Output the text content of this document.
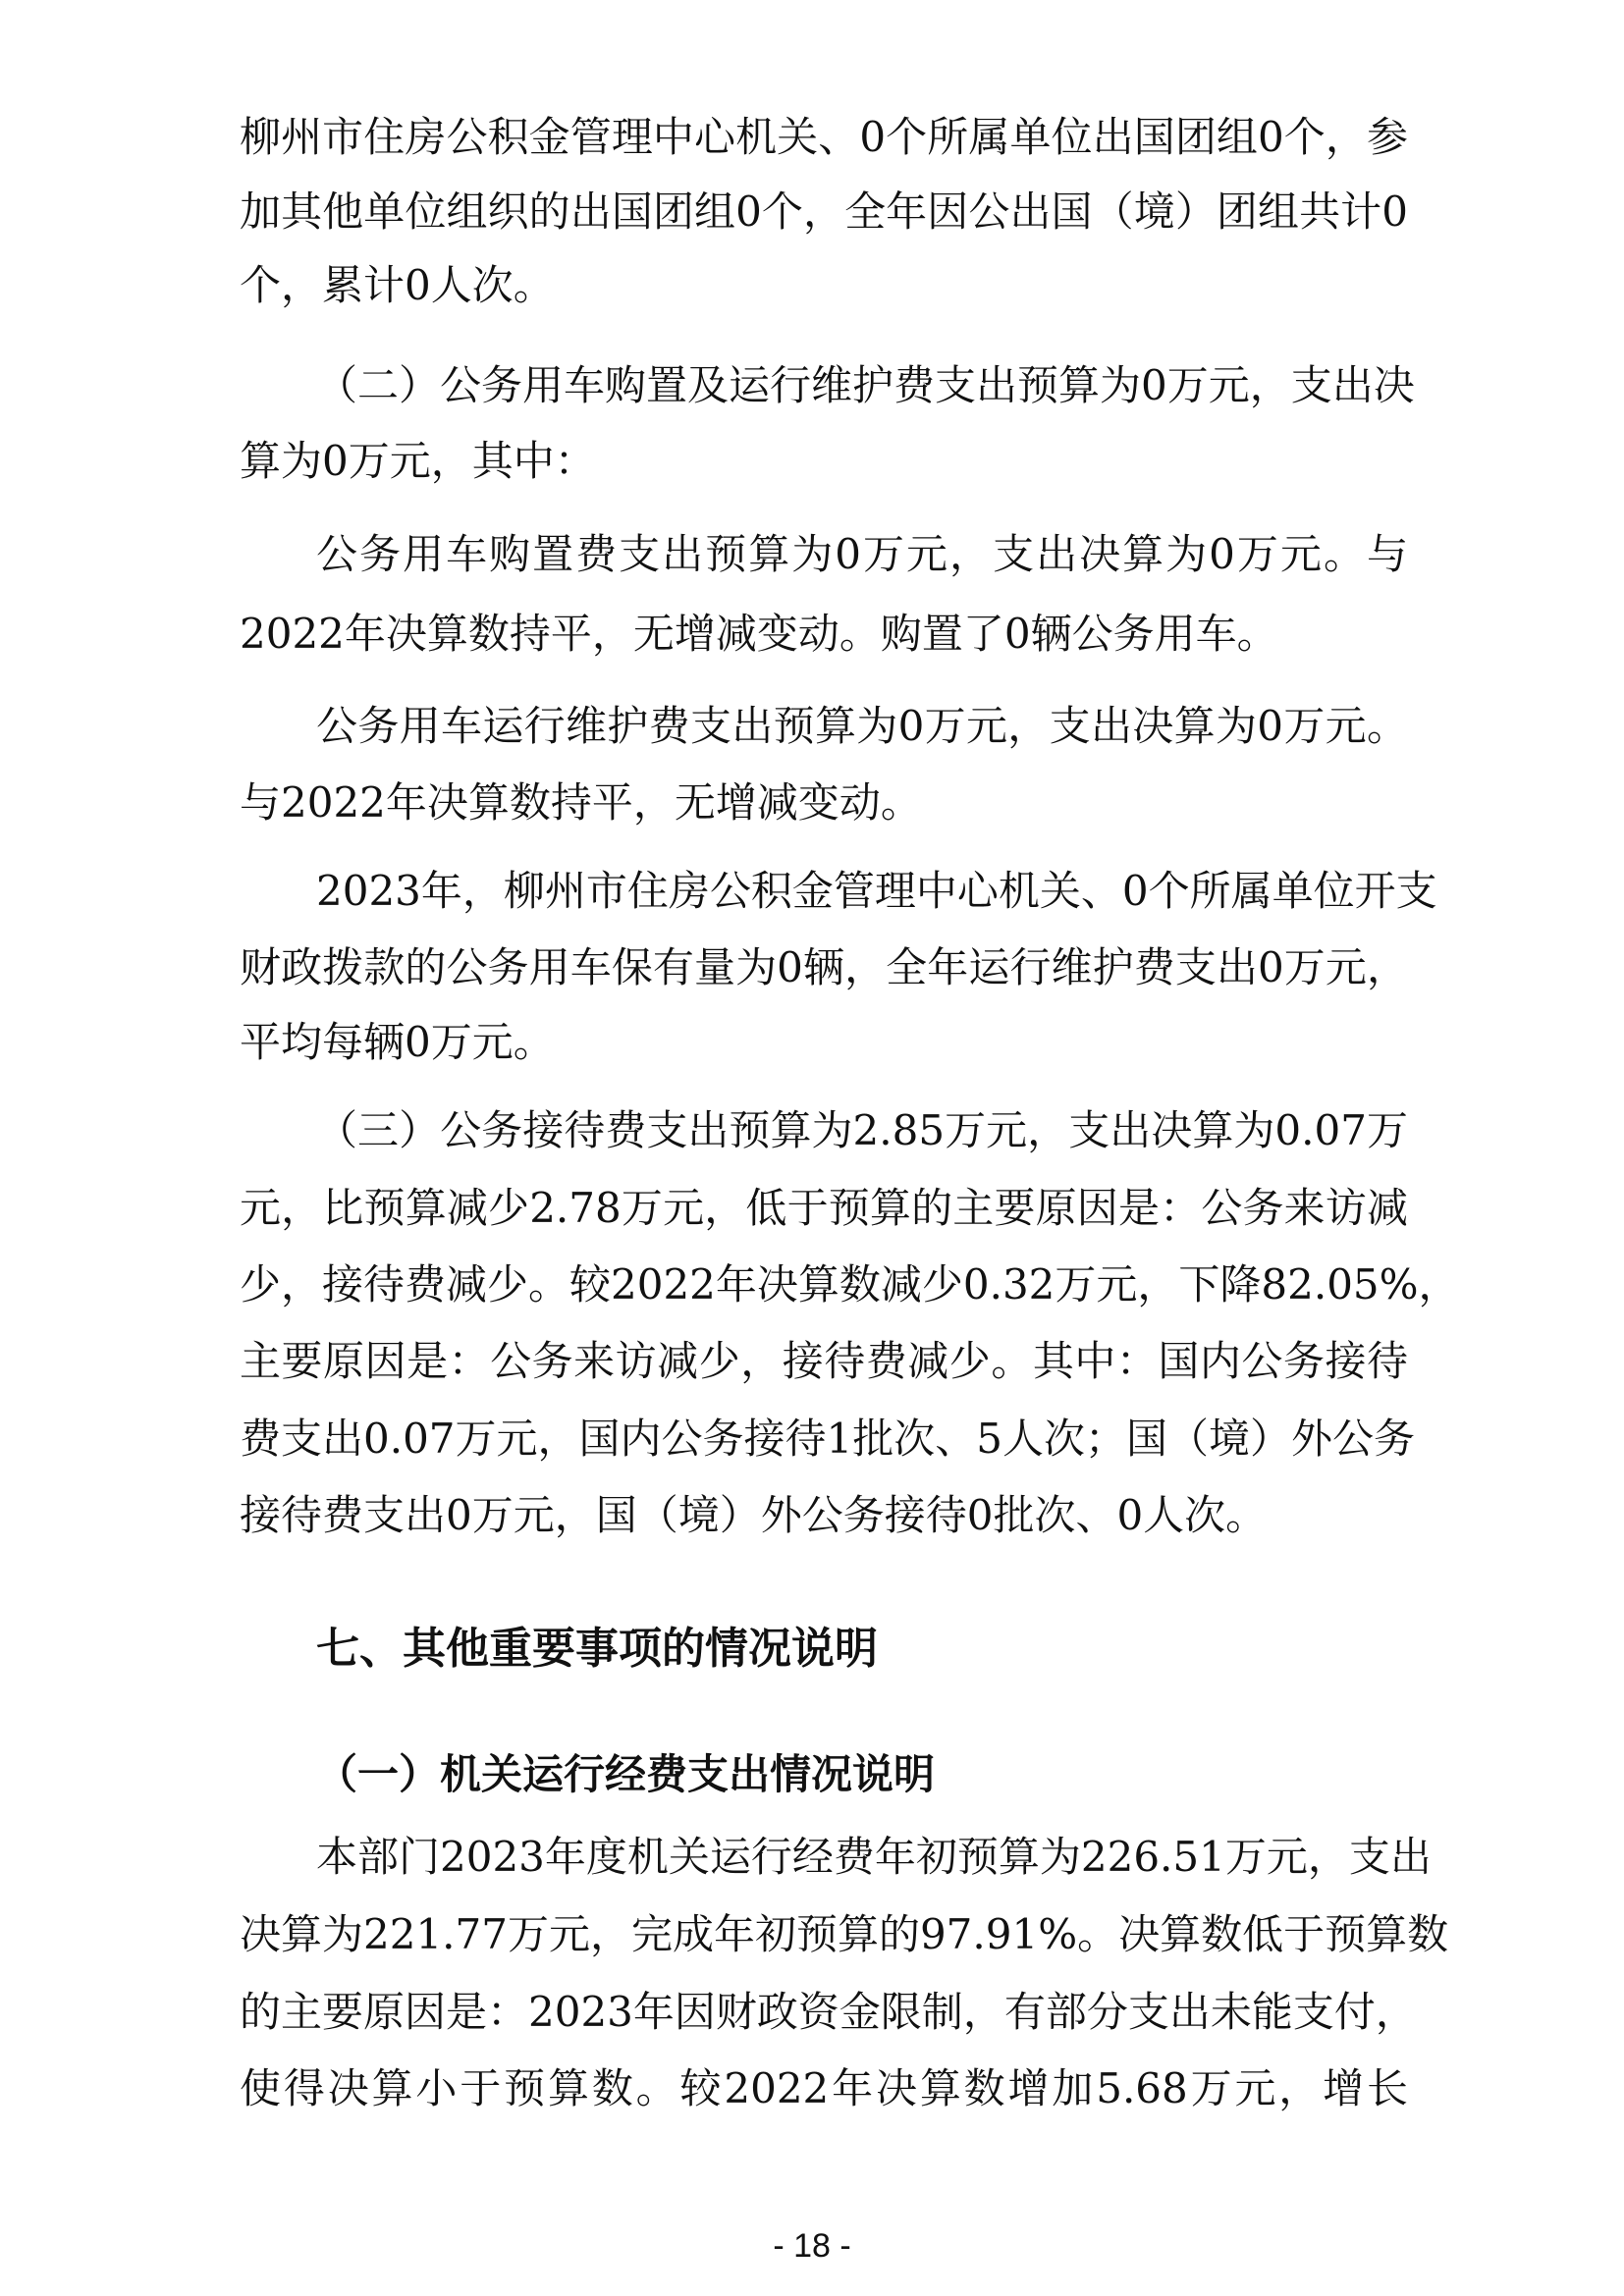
柳州市住房公积金管理中心机关、0个所属单位出国团组0个，参
加其他单位组织的出国团组0个，全年因公出国（境）团组共计0
个，累计0人次。
（二）公务用车购置及运行维护费支出预算为0万元，支出决
算为0万元，其中：
公务用车购置费支出预算为0万元，支出决算为0万元。与
2022年决算数持平，无增减变动。购置了0辆公务用车。
公务用车运行维护费支出预算为0万元，支出决算为0万元。
与2022年决算数持平，无增减变动。
2023年，柳州市住房公积金管理中心机关、0个所属单位开支
财政拨款的公务用车保有量为0辆，全年运行维护费支出0万元，
平均每辆0万元。
（三）公务接待费支出预算为2.85万元，支出决算为0.07万
元，比预算减少2.78万元，低于预算的主要原因是：公务来访减
少，接待费减少。较2022年决算数减少0.32万元，下降82.05%，
主要原因是：公务来访减少，接待费减少。其中：国内公务接待
费支出0.07万元，国内公务接待1批次、5人次；国（境）外公务
接待费支出0万元，国（境）外公务接待0批次、0人次。
七、其他重要事项的情况说明
（一）机关运行经费支出情况说明
本部门2023年度机关运行经费年初预算为226.51万元，支出
决算为221.77万元，完成年初预算的97.91%。决算数低于预算数
的主要原因是：2023年因财政资金限制，有部分支出未能支付，
使得决算小于预算数。较2022年决算数增加5.68万元，增长
- 18 -
